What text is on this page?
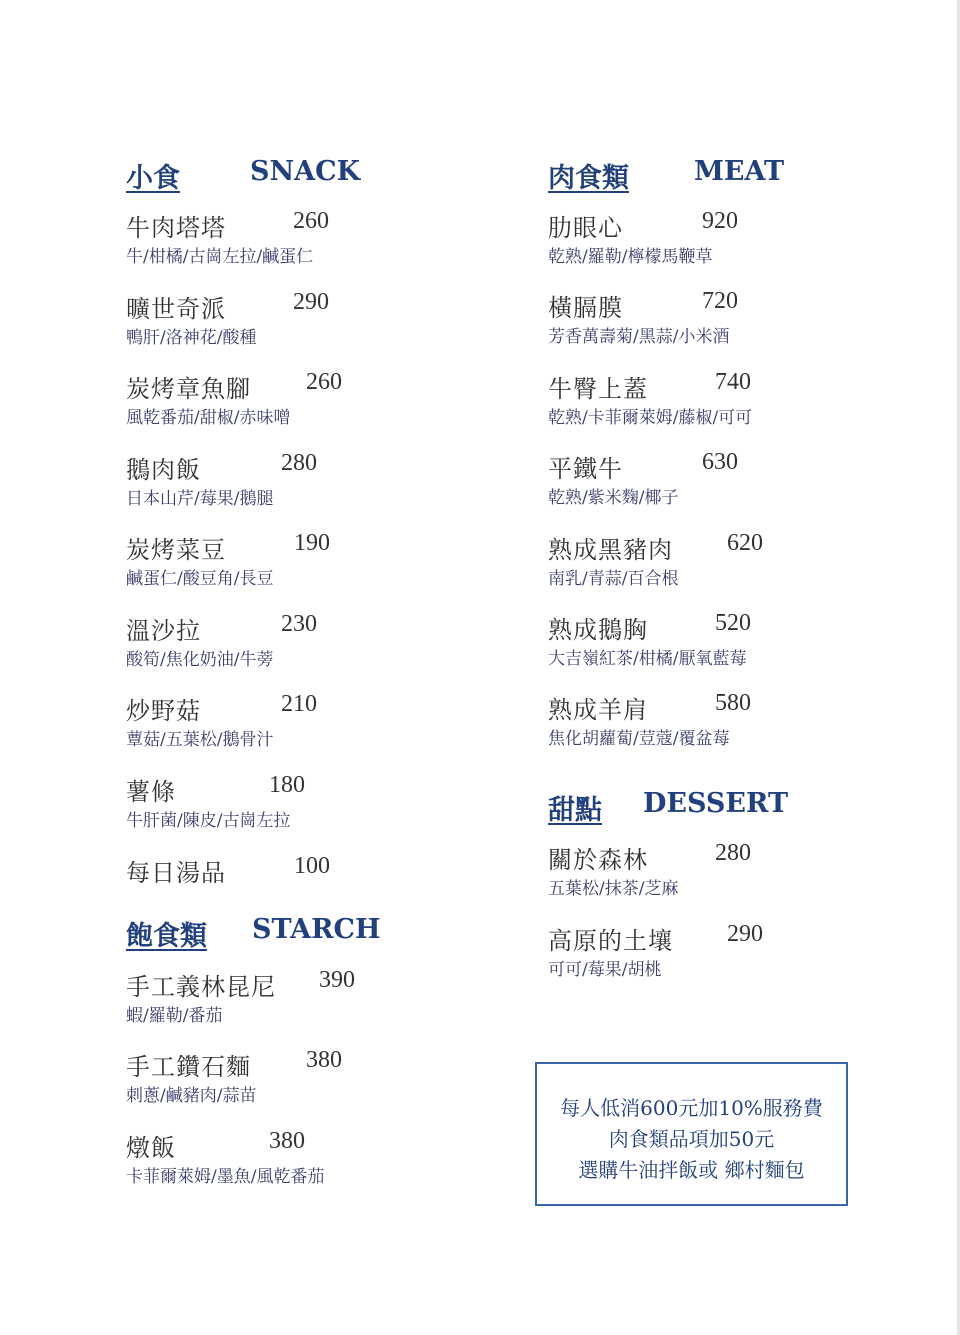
小食	SNACK
牛肉塔塔	260
牛/柑橘/古崗左拉/鹹蛋仁
曠世奇派	290
鴨肝/洛神花/酸種
炭烤章魚腳 260
風乾番茄/甜椒/赤味噌
鵝肉飯	280
日本山芹/莓果/鵝腿
炭烤菜豆	190
鹹蛋仁/酸豆角/長豆
溫沙拉	230
酸筍/焦化奶油/牛蒡
炒野菇	210
蕈菇/五葉松/鵝骨汁
薯條	180
牛肝菌/陳皮/古崗左拉
每日湯品	100
飽食類 STARCH
手工義林昆尼 390
蝦/羅勒/番茄
手工鑽石麵 380
刺蔥/鹹豬肉/蒜苗
燉飯	380
卡菲爾萊姆/墨魚/風乾番茄
肉食類 MEAT
肋眼心	920
乾熟/羅勒/檸檬馬鞭草
橫膈膜	720
芳香萬壽菊/黑蒜/小米酒
牛臀上蓋	740
乾熟/卡菲爾萊姆/藤椒/可可
平鐵牛	630
乾熟/紫米麴/椰子
熟成黑豬肉 620
南乳/青蒜/百合根
熟成鵝胸	520
大吉嶺紅茶/柑橘/厭氧藍莓
熟成羊肩	580
焦化胡蘿蔔/荳蔻/覆盆莓
甜點 DESSERT
關於森林	280
五葉松/抹茶/芝麻
高原的土壤 290
可可/莓果/胡桃
每人低消600元加10%服務費
肉食類品項加50元
選購牛油拌飯或 鄉村麵包
